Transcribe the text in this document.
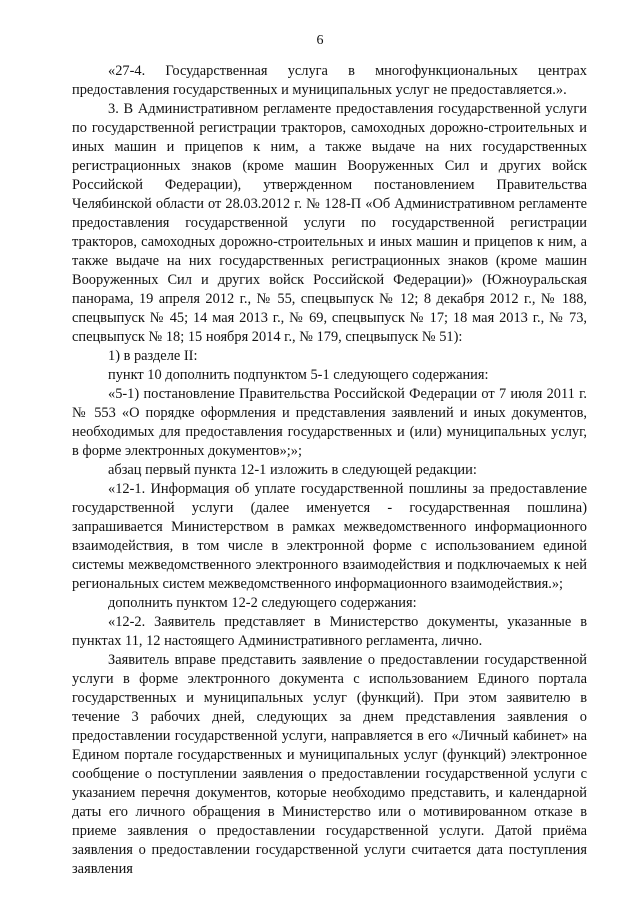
6

«27-4. Государственная услуга в многофункциональных центрах предоставления государственных и муниципальных услуг не предоставляется.».

3. В Административном регламенте предоставления государственной услуги по государственной регистрации тракторов, самоходных дорожно-строительных и иных машин и прицепов к ним, а также выдаче на них государственных регистрационных знаков (кроме машин Вооруженных Сил и других войск Российской Федерации), утвержденном постановлением Правительства Челябинской области от 28.03.2012 г. № 128-П «Об Административном регламенте предоставления государственной услуги по государственной регистрации тракторов, самоходных дорожно-строительных и иных машин и прицепов к ним, а также выдаче на них государственных регистрационных знаков (кроме машин Вооруженных Сил и других войск Российской Федерации)» (Южноуральская панорама, 19 апреля 2012 г., № 55, спецвыпуск № 12; 8 декабря 2012 г., № 188, спецвыпуск № 45; 14 мая 2013 г., № 69, спецвыпуск № 17; 18 мая 2013 г., № 73, спецвыпуск № 18; 15 ноября 2014 г., № 179, спецвыпуск № 51):

1) в разделе II:

пункт 10 дополнить подпунктом 5-1 следующего содержания:

«5-1) постановление Правительства Российской Федерации от 7 июля 2011 г. № 553 «О порядке оформления и представления заявлений и иных документов, необходимых для предоставления государственных и (или) муниципальных услуг, в форме электронных документов»;»;

абзац первый пункта 12-1 изложить в следующей редакции:

«12-1. Информация об уплате государственной пошлины за предоставление государственной услуги (далее именуется - государственная пошлина) запрашивается Министерством в рамках межведомственного информационного взаимодействия, в том числе в электронной форме с использованием единой системы межведомственного электронного взаимодействия и подключаемых к ней региональных систем межведомственного информационного взаимодействия.»;

дополнить пунктом 12-2 следующего содержания:

«12-2. Заявитель представляет в Министерство документы, указанные в пунктах 11, 12 настоящего Административного регламента, лично.

Заявитель вправе представить заявление о предоставлении государственной услуги в форме электронного документа с использованием Единого портала государственных и муниципальных услуг (функций). При этом заявителю в течение 3 рабочих дней, следующих за днем представления заявления о предоставлении государственной услуги, направляется в его «Личный кабинет» на Едином портале государственных и муниципальных услуг (функций) электронное сообщение о поступлении заявления о предоставлении государственной услуги с указанием перечня документов, которые необходимо представить, и календарной даты его личного обращения в Министерство или о мотивированном отказе в приеме заявления о предоставлении государственной услуги. Датой приёма заявления о предоставлении государственной услуги считается дата поступления заявления
